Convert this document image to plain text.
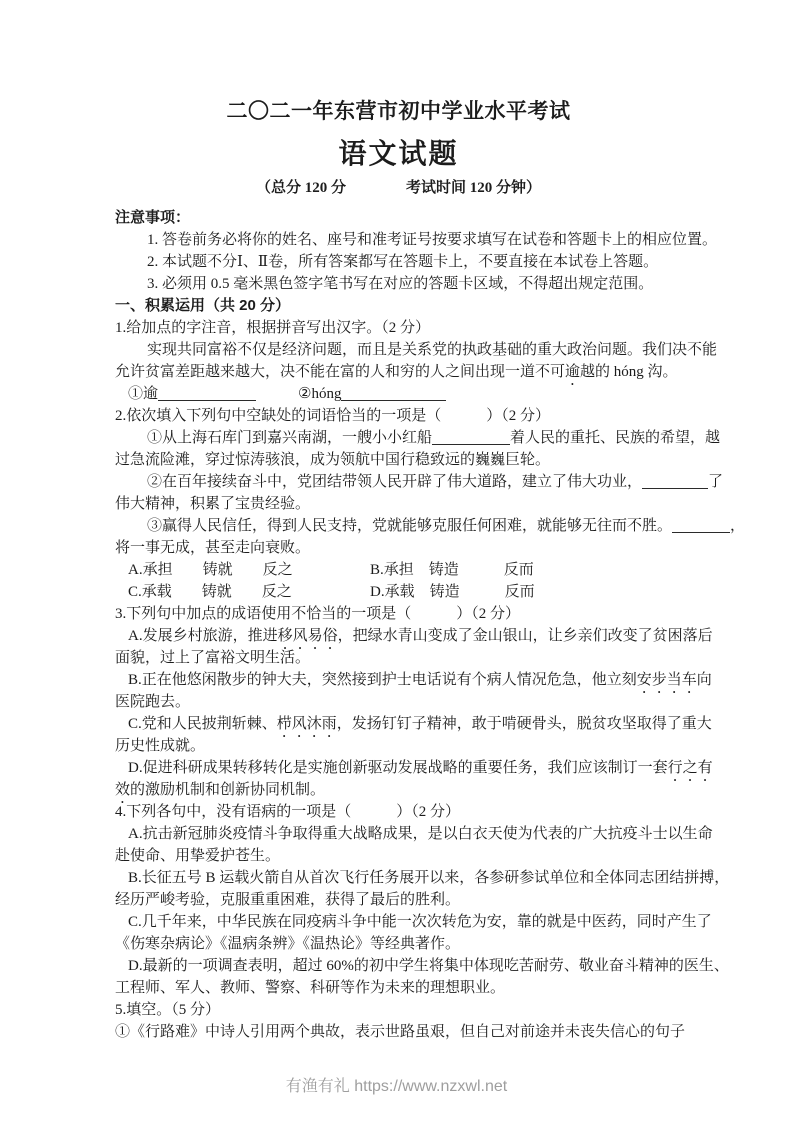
二〇二一年东营市初中学业水平考试
语文试题
（总分 120 分　　　　考试时间 120 分钟）
注意事项：
1. 答卷前务必将你的姓名、座号和准考证号按要求填写在试卷和答题卡上的相应位置。
2. 本试题不分Ⅰ、Ⅱ卷，所有答案都写在答题卡上，不要直接在本试卷上答题。
3. 必须用 0.5 毫米黑色签字笔书写在对应的答题卡区域，不得超出规定范围。
一、积累运用（共 20 分）
1.给加点的字注音，根据拼音写出汉字。（2 分）
实现共同富裕不仅是经济问题，而且是关系党的执政基础的重大政治问题。我们决不能
允许贫富差距越来越大，决不能在富的人和穷的人之间出现一道不可逾越的 hóng 沟。
①逾	②hóng
2.依次填入下列句中空缺处的词语恰当的一项是（　　　）（2 分）
①从上海石库门到嘉兴南湖，一艘小小红船	着人民的重托、民族的希望，越
过急流险滩，穿过惊涛骇浪，成为领航中国行稳致远的巍巍巨轮。
②在百年接续奋斗中，党团结带领人民开辟了伟大道路，建立了伟大功业，	了
伟大精神，积累了宝贵经验。
③赢得人民信任，得到人民支持，党就能够克服任何困难，就能够无往而不胜。	，
将一事无成，甚至走向衰败。
A.承担　　铸就　　反之	B.承担　铸造　　　反而
C.承载　　铸就　　反之	D.承载　铸造　　　反而
3.下列句中加点的成语使用不恰当的一项是（　　　）（2 分）
A.发展乡村旅游，推进移风易俗，把绿水青山变成了金山银山，让乡亲们改变了贫困落后
面貌，过上了富裕文明生活。
B.正在他悠闲散步的钟大夫，突然接到护士电话说有个病人情况危急，他立刻安步当车向
医院跑去。
C.党和人民披荆斩棘、栉风沐雨，发扬钉钉子精神，敢于啃硬骨头，脱贫攻坚取得了重大
历史性成就。
D.促进科研成果转移转化是实施创新驱动发展战略的重要任务，我们应该制订一套行之有
效的激励机制和创新协同机制。
4.下列各句中，没有语病的一项是（　　　）（2 分）
A.抗击新冠肺炎疫情斗争取得重大战略成果，是以白衣天使为代表的广大抗疫斗士以生命
赴使命、用挚爱护苍生。
B.长征五号 B 运载火箭自从首次飞行任务展开以来，各参研参试单位和全体同志团结拼搏，
经历严峻考验，克服重重困难，获得了最后的胜利。
C.几千年来，中华民族在同疫病斗争中能一次次转危为安，靠的就是中医药，同时产生了
《伤寒杂病论》《温病条辨》《温热论》等经典著作。
D.最新的一项调查表明，超过 60%的初中学生将集中体现吃苦耐劳、敬业奋斗精神的医生、
工程师、军人、教师、警察、科研等作为未来的理想职业。
5.填空。（5 分）
①《行路难》中诗人引用两个典故，表示世路虽艰，但自己对前途并未丧失信心的句子
有渔有礼 https://www.nzxwl.net
